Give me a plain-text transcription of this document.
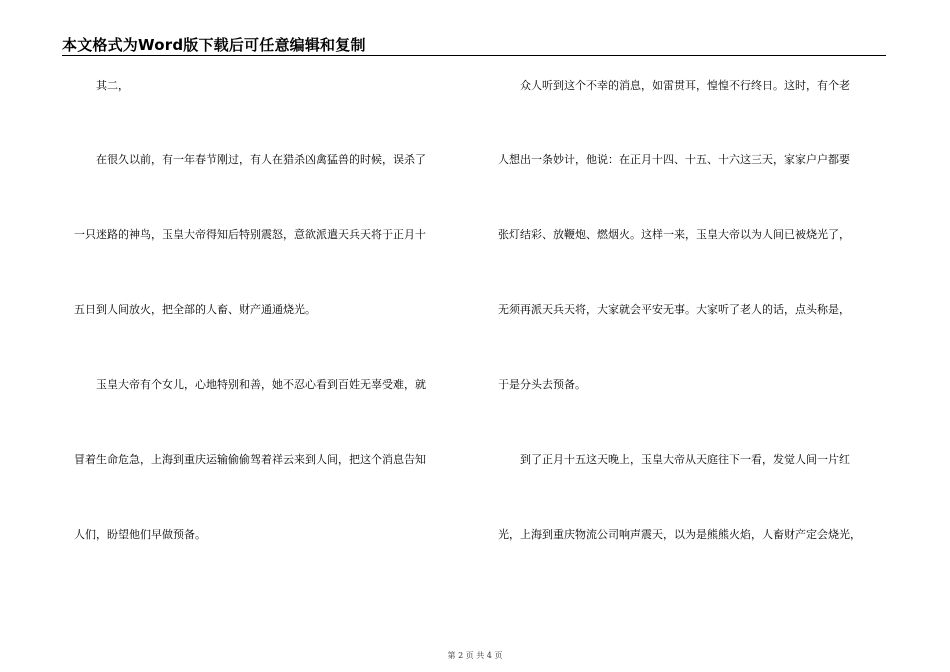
本文格式为Word版下载后可任意编辑和复制
　　其二，
　　在很久以前，有一年春节刚过，有人在猎杀凶禽猛兽的时候，误杀了
一只迷路的神鸟，玉皇大帝得知后特别震怒，意欲派遣天兵天将于正月十
五日到人间放火，把全部的人畜、财产通通烧光。
　　玉皇大帝有个女儿，心地特别和善，她不忍心看到百姓无辜受难，就
冒着生命危急，上海到重庆运输偷偷驾着祥云来到人间，把这个消息告知
人们，盼望他们早做预备。
　　众人听到这个不幸的消息，如雷贯耳，惶惶不行终日。这时，有个老
人想出一条妙计，他说：在正月十四、十五、十六这三天，家家户户都要
张灯结彩、放鞭炮、燃烟火。这样一来，玉皇大帝以为人间已被烧光了，
无须再派天兵天将，大家就会平安无事。大家听了老人的话，点头称是，
于是分头去预备。
　　到了正月十五这天晚上，玉皇大帝从天庭往下一看，发觉人间一片红
光，上海到重庆物流公司响声震天，以为是熊熊火焰，人畜财产定会烧光，
第 2 页 共 4 页
